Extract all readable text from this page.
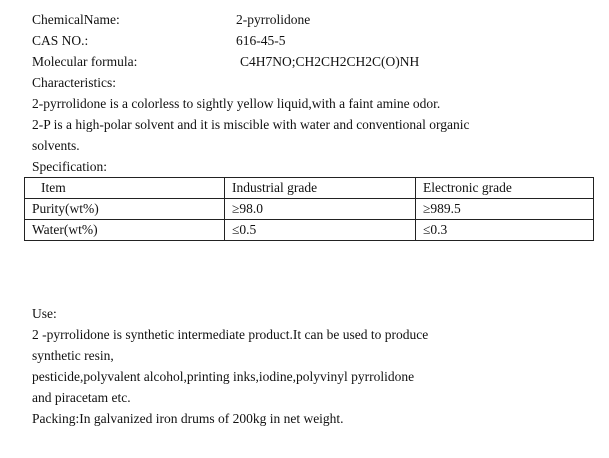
ChemicalName:	2-pyrrolidone
CAS NO.:	616-45-5
Molecular formula:	C4H7NO;CH2CH2CH2C(O)NH
Characteristics:
2-pyrrolidone is a colorless to sightly yellow liquid,with a faint amine odor.
2-P is a high-polar solvent and it is miscible with water and conventional organic
solvents.
Specification:
Item	Industrial grade	Electronic grade
Purity(wt%)	≥98.0	≥989.5
Water(wt%)	≤0.5	≤0.3
Use:
2 -pyrrolidone is synthetic intermediate product.It can be used to produce
synthetic resin,
pesticide,polyvalent alcohol,printing inks,iodine,polyvinyl pyrrolidone
and piracetam etc.
Packing:In galvanized iron drums of 200kg in net weight.
